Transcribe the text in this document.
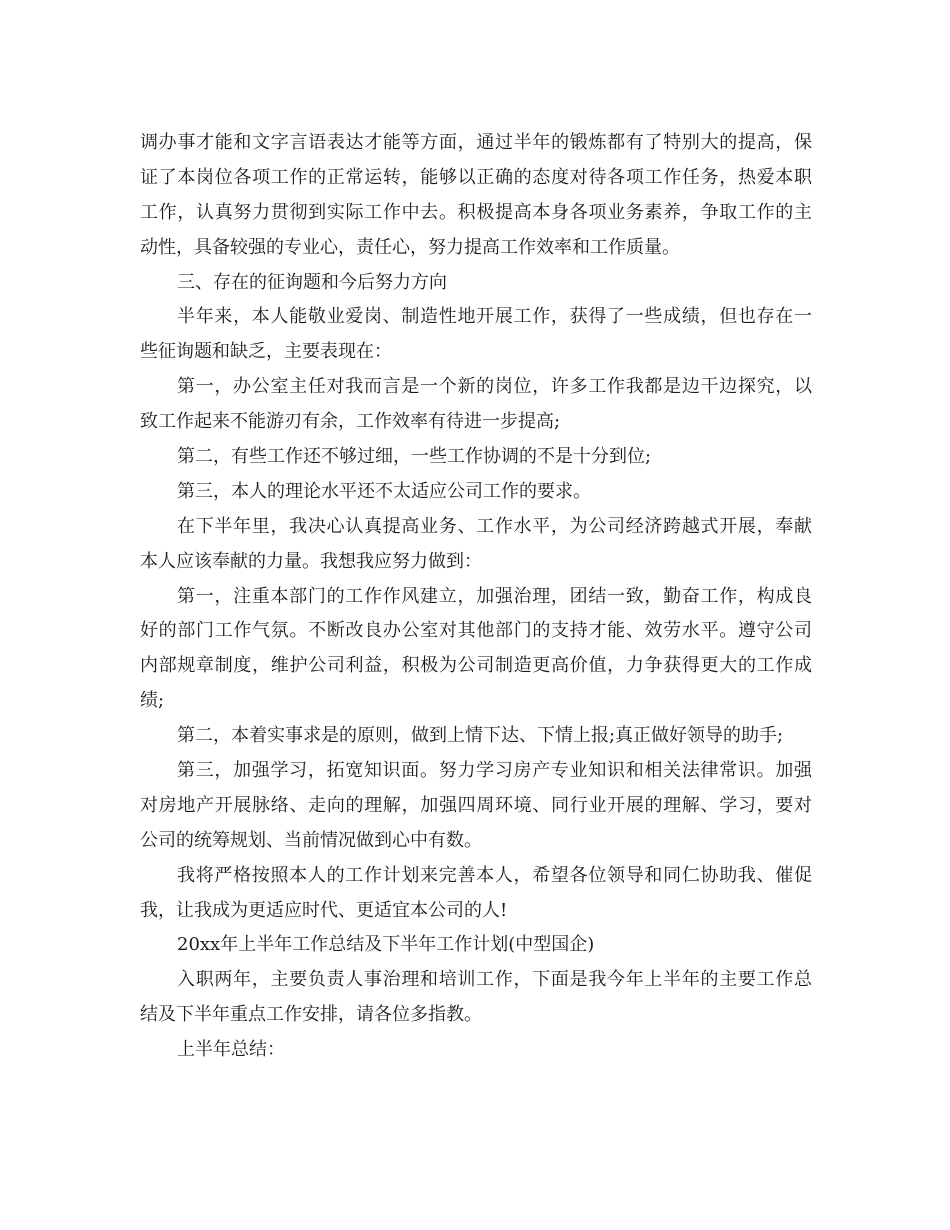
调办事才能和文字言语表达才能等方面，通过半年的锻炼都有了特别大的提高，保
证了本岗位各项工作的正常运转，能够以正确的态度对待各项工作任务，热爱本职
工作，认真努力贯彻到实际工作中去。积极提高本身各项业务素养，争取工作的主
动性，具备较强的专业心，责任心，努力提高工作效率和工作质量。
三、存在的征询题和今后努力方向
半年来，本人能敬业爱岗、制造性地开展工作，获得了一些成绩，但也存在一
些征询题和缺乏，主要表现在：
第一，办公室主任对我而言是一个新的岗位，许多工作我都是边干边探究，以
致工作起来不能游刃有余，工作效率有待进一步提高;
第二，有些工作还不够过细，一些工作协调的不是十分到位;
第三，本人的理论水平还不太适应公司工作的要求。
在下半年里，我决心认真提高业务、工作水平，为公司经济跨越式开展，奉献
本人应该奉献的力量。我想我应努力做到：
第一，注重本部门的工作作风建立，加强治理，团结一致，勤奋工作，构成良
好的部门工作气氛。不断改良办公室对其他部门的支持才能、效劳水平。遵守公司
内部规章制度，维护公司利益，积极为公司制造更高价值，力争获得更大的工作成
绩;
第二，本着实事求是的原则，做到上情下达、下情上报;真正做好领导的助手;
第三，加强学习，拓宽知识面。努力学习房产专业知识和相关法律常识。加强
对房地产开展脉络、走向的理解，加强四周环境、同行业开展的理解、学习，要对
公司的统筹规划、当前情况做到心中有数。
我将严格按照本人的工作计划来完善本人，希望各位领导和同仁协助我、催促
我，让我成为更适应时代、更适宜本公司的人!
20xx年上半年工作总结及下半年工作计划(中型国企)
入职两年，主要负责人事治理和培训工作，下面是我今年上半年的主要工作总
结及下半年重点工作安排，请各位多指教。
上半年总结：
